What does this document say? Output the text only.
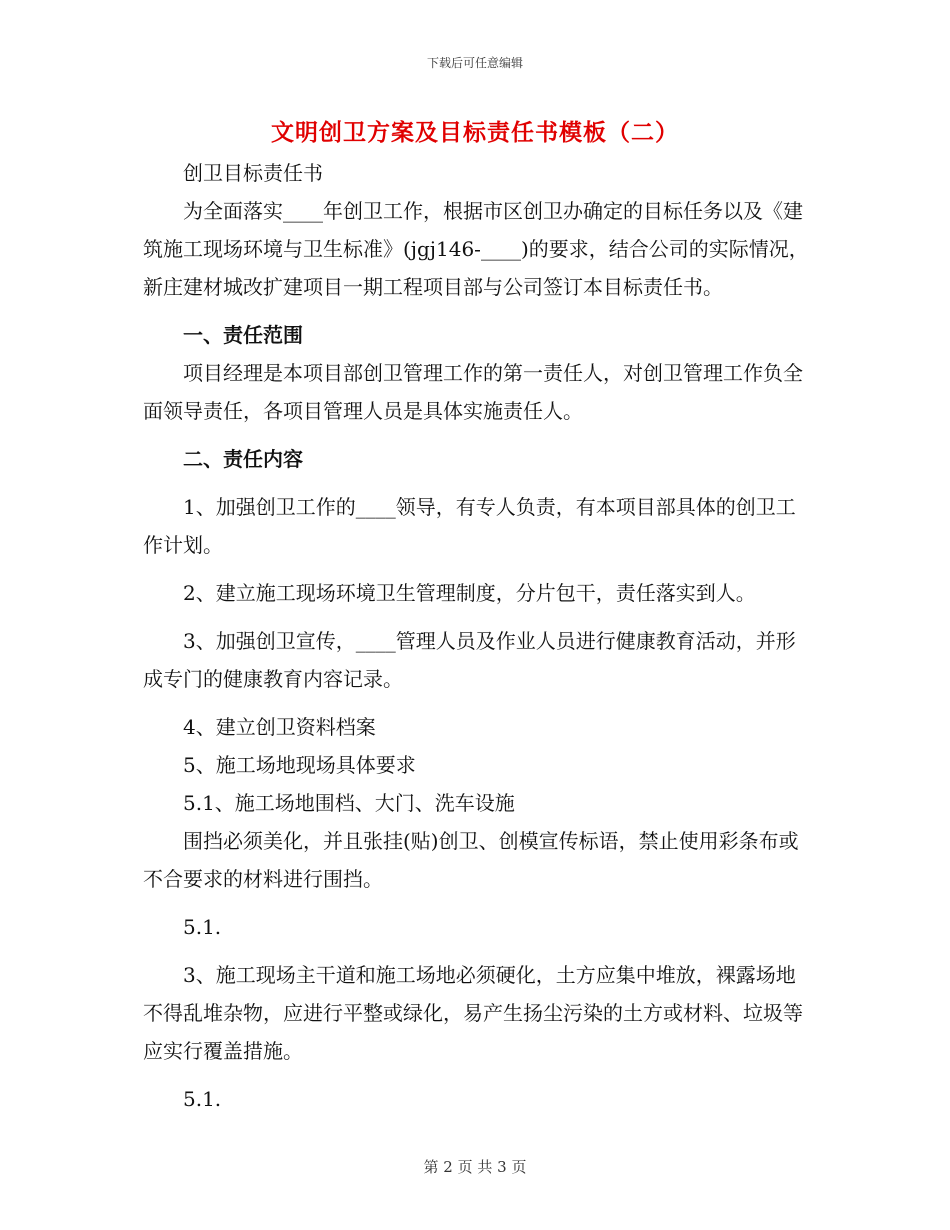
下载后可任意编辑
文明创卫方案及目标责任书模板（二）

创卫目标责任书

为全面落实____年创卫工作，根据市区创卫办确定的目标任务以及《建筑施工现场环境与卫生标准》(jgj146-____)的要求，结合公司的实际情况，新庄建材城改扩建项目一期工程项目部与公司签订本目标责任书。

一、责任范围

项目经理是本项目部创卫管理工作的第一责任人，对创卫管理工作负全面领导责任，各项目管理人员是具体实施责任人。

二、责任内容

1、加强创卫工作的____领导，有专人负责，有本项目部具体的创卫工作计划。

2、建立施工现场环境卫生管理制度，分片包干，责任落实到人。

3、加强创卫宣传，____管理人员及作业人员进行健康教育活动，并形成专门的健康教育内容记录。

4、建立创卫资料档案

5、施工场地现场具体要求

5.1、施工场地围档、大门、洗车设施

围挡必须美化，并且张挂(贴)创卫、创模宣传标语，禁止使用彩条布或不合要求的材料进行围挡。

5.1.

3、施工现场主干道和施工场地必须硬化，土方应集中堆放，裸露场地不得乱堆杂物，应进行平整或绿化，易产生扬尘污染的土方或材料、垃圾等应实行覆盖措施。

5.1.

第 2 页 共 3 页
